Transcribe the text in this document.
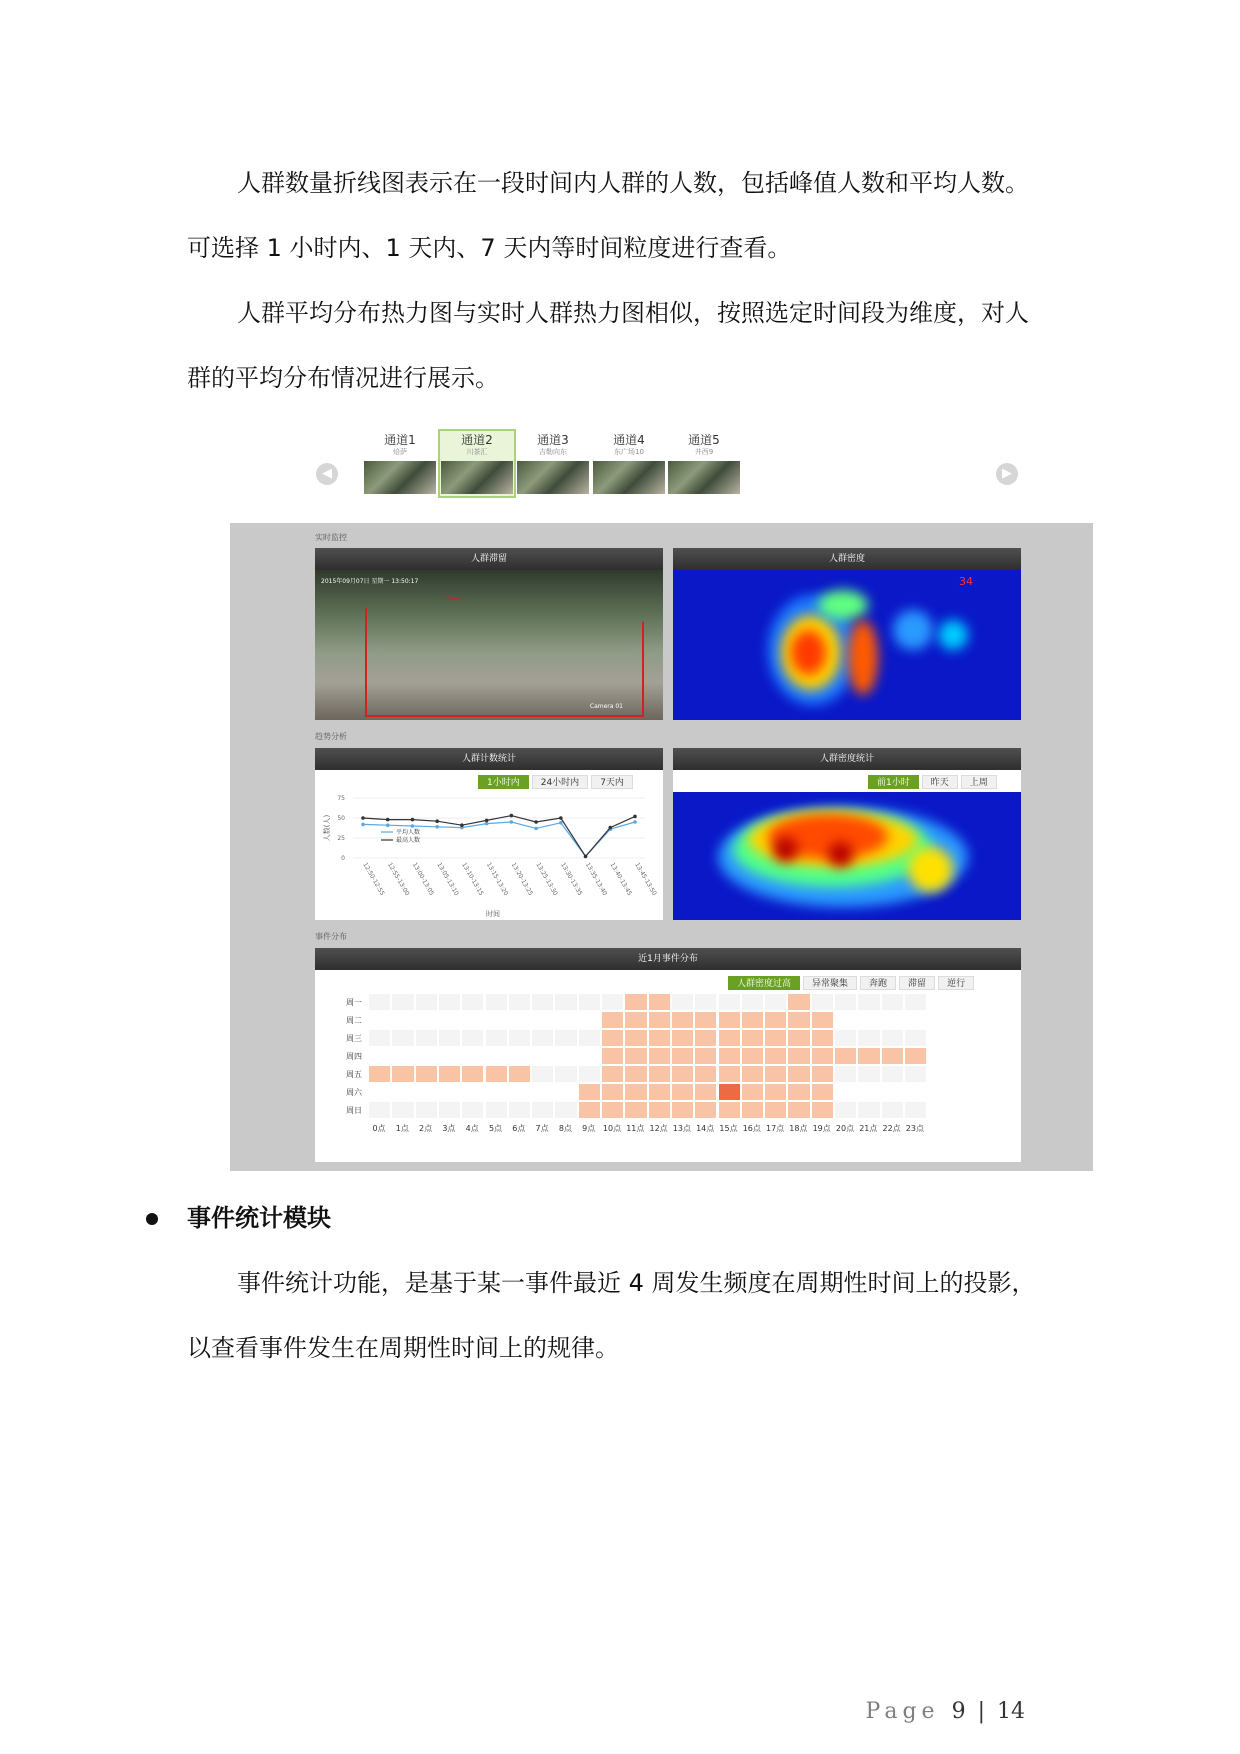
人群数量折线图表示在一段时间内人群的人数，包括峰值人数和平均人数。

可选择 1 小时内、1 天内、7 天内等时间粒度进行查看。

人群平均分布热力图与实时人群热力图相似，按照选定时间段为维度，对人

群的平均分布情况进行展示。

◀
通道1
焙萨
通道2
川茶汇
通道3
吉勒向东
通道4
东广场10
通道5
井西9
▶
实时监控
人群滞留
2015年09月07日 星期一 13:50:17
Camera 01
人群密度
34
趋势分析
人群计数统计
1小时内	24小时内	7天内
0
25
50
75
人数(人)
12:50-12:55 12:55-13:00 13:00-13:05 13:05-13:10 13:10-13:15 13:15-13:20 13:20-13:25 13:25-13:30 13:30-13:35 13:35-13:40 13:40-13:45 13:45-13:50
时间
平均人数
最高人数
人群密度统计
前1小时	昨天	上周
事件分布
近1月事件分布
人群密度过高	异常聚集	奔跑	滞留	逆行
周一
周二
周三
周四
周五
周六
周日
0点	1点	2点	3点	4点	5点	6点	7点	8点	9点 10点 11点 12点 13点 14点 15点 16点 17点 18点 19点 20点 21点 22点 23点
事件统计模块

事件统计功能，是基于某一事件最近 4 周发生频度在周期性时间上的投影，

以查看事件发生在周期性时间上的规律。

Page 9 | 14
